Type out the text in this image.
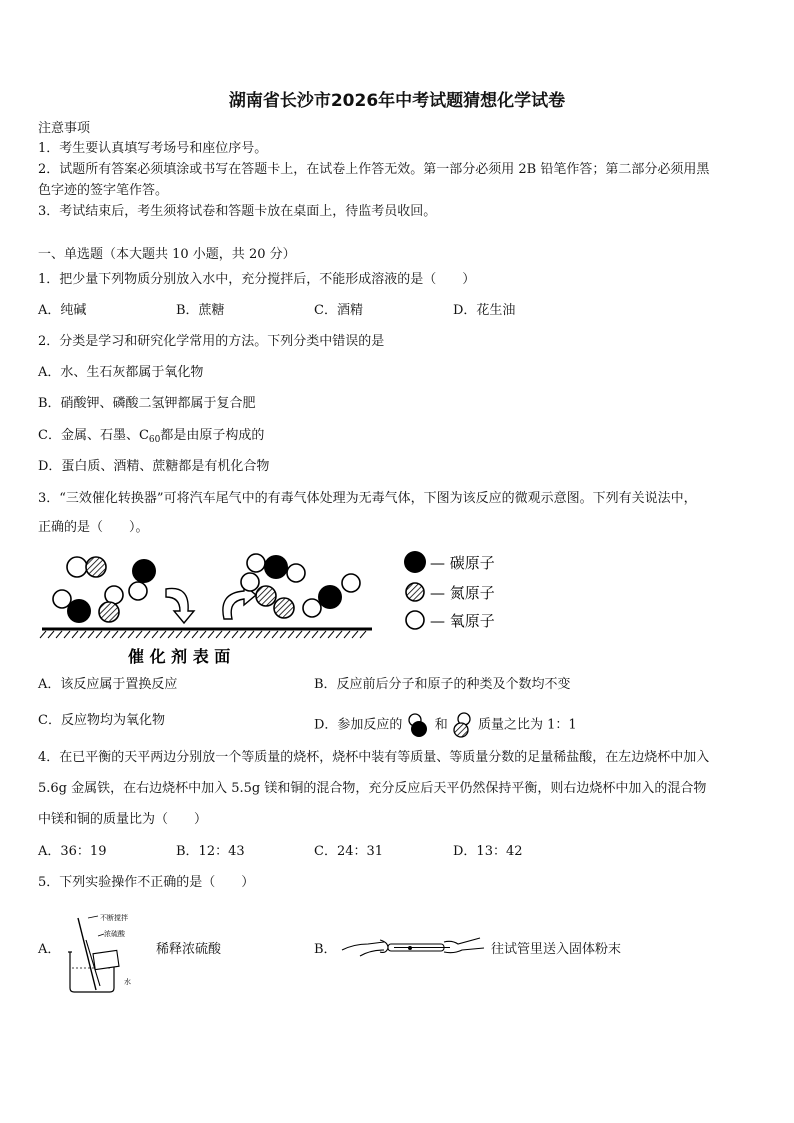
湖南省长沙市2026年中考试题猜想化学试卷
注意事项
1．考生要认真填写考场号和座位序号。
2．试题所有答案必须填涂或书写在答题卡上，在试卷上作答无效。第一部分必须用 2B 铅笔作答；第二部分必须用黑
色字迹的签字笔作答。
3．考试结束后，考生须将试卷和答题卡放在桌面上，待监考员收回。
一、单选题（本大题共 10 小题，共 20 分）
1．把少量下列物质分别放入水中，充分搅拌后，不能形成溶液的是（　　）
A．纯碱	B．蔗糖	C．酒精	D．花生油
2．分类是学习和研究化学常用的方法。下列分类中错误的是
A．水、生石灰都属于氧化物
B．硝酸钾、磷酸二氢钾都属于复合肥
C．金属、石墨、$C_{60}$都是由原子构成的
D．蛋白质、酒精、蔗糖都是有机化合物
3．“三效催化转换器”可将汽车尾气中的有毒气体处理为无毒气体，下图为该反应的微观示意图。下列有关说法中，
正确的是（　　）。
催 化 剂 表 面
— 碳原子
— 氮原子
— 氧原子
A．该反应属于置换反应	B．反应前后分子和原子的种类及个数均不变
C．反应物均为氧化物	D．参加反应的 和 质量之比为 1：1
4．在已平衡的天平两边分别放一个等质量的烧杯，烧杯中装有等质量、等质量分数的足量稀盐酸，在左边烧杯中加入
5.6g 金属铁，在右边烧杯中加入 5.5g 镁和铜的混合物，充分反应后天平仍然保持平衡，则右边烧杯中加入的混合物
中镁和铜的质量比为（　　）
A．36：19	B．12：43	C．24：31	D．13：42
5．下列实验操作不正确的是（　　）
A．
不断搅拌
浓硫酸
水
稀释浓硫酸	B．	往试管里送入固体粉末
